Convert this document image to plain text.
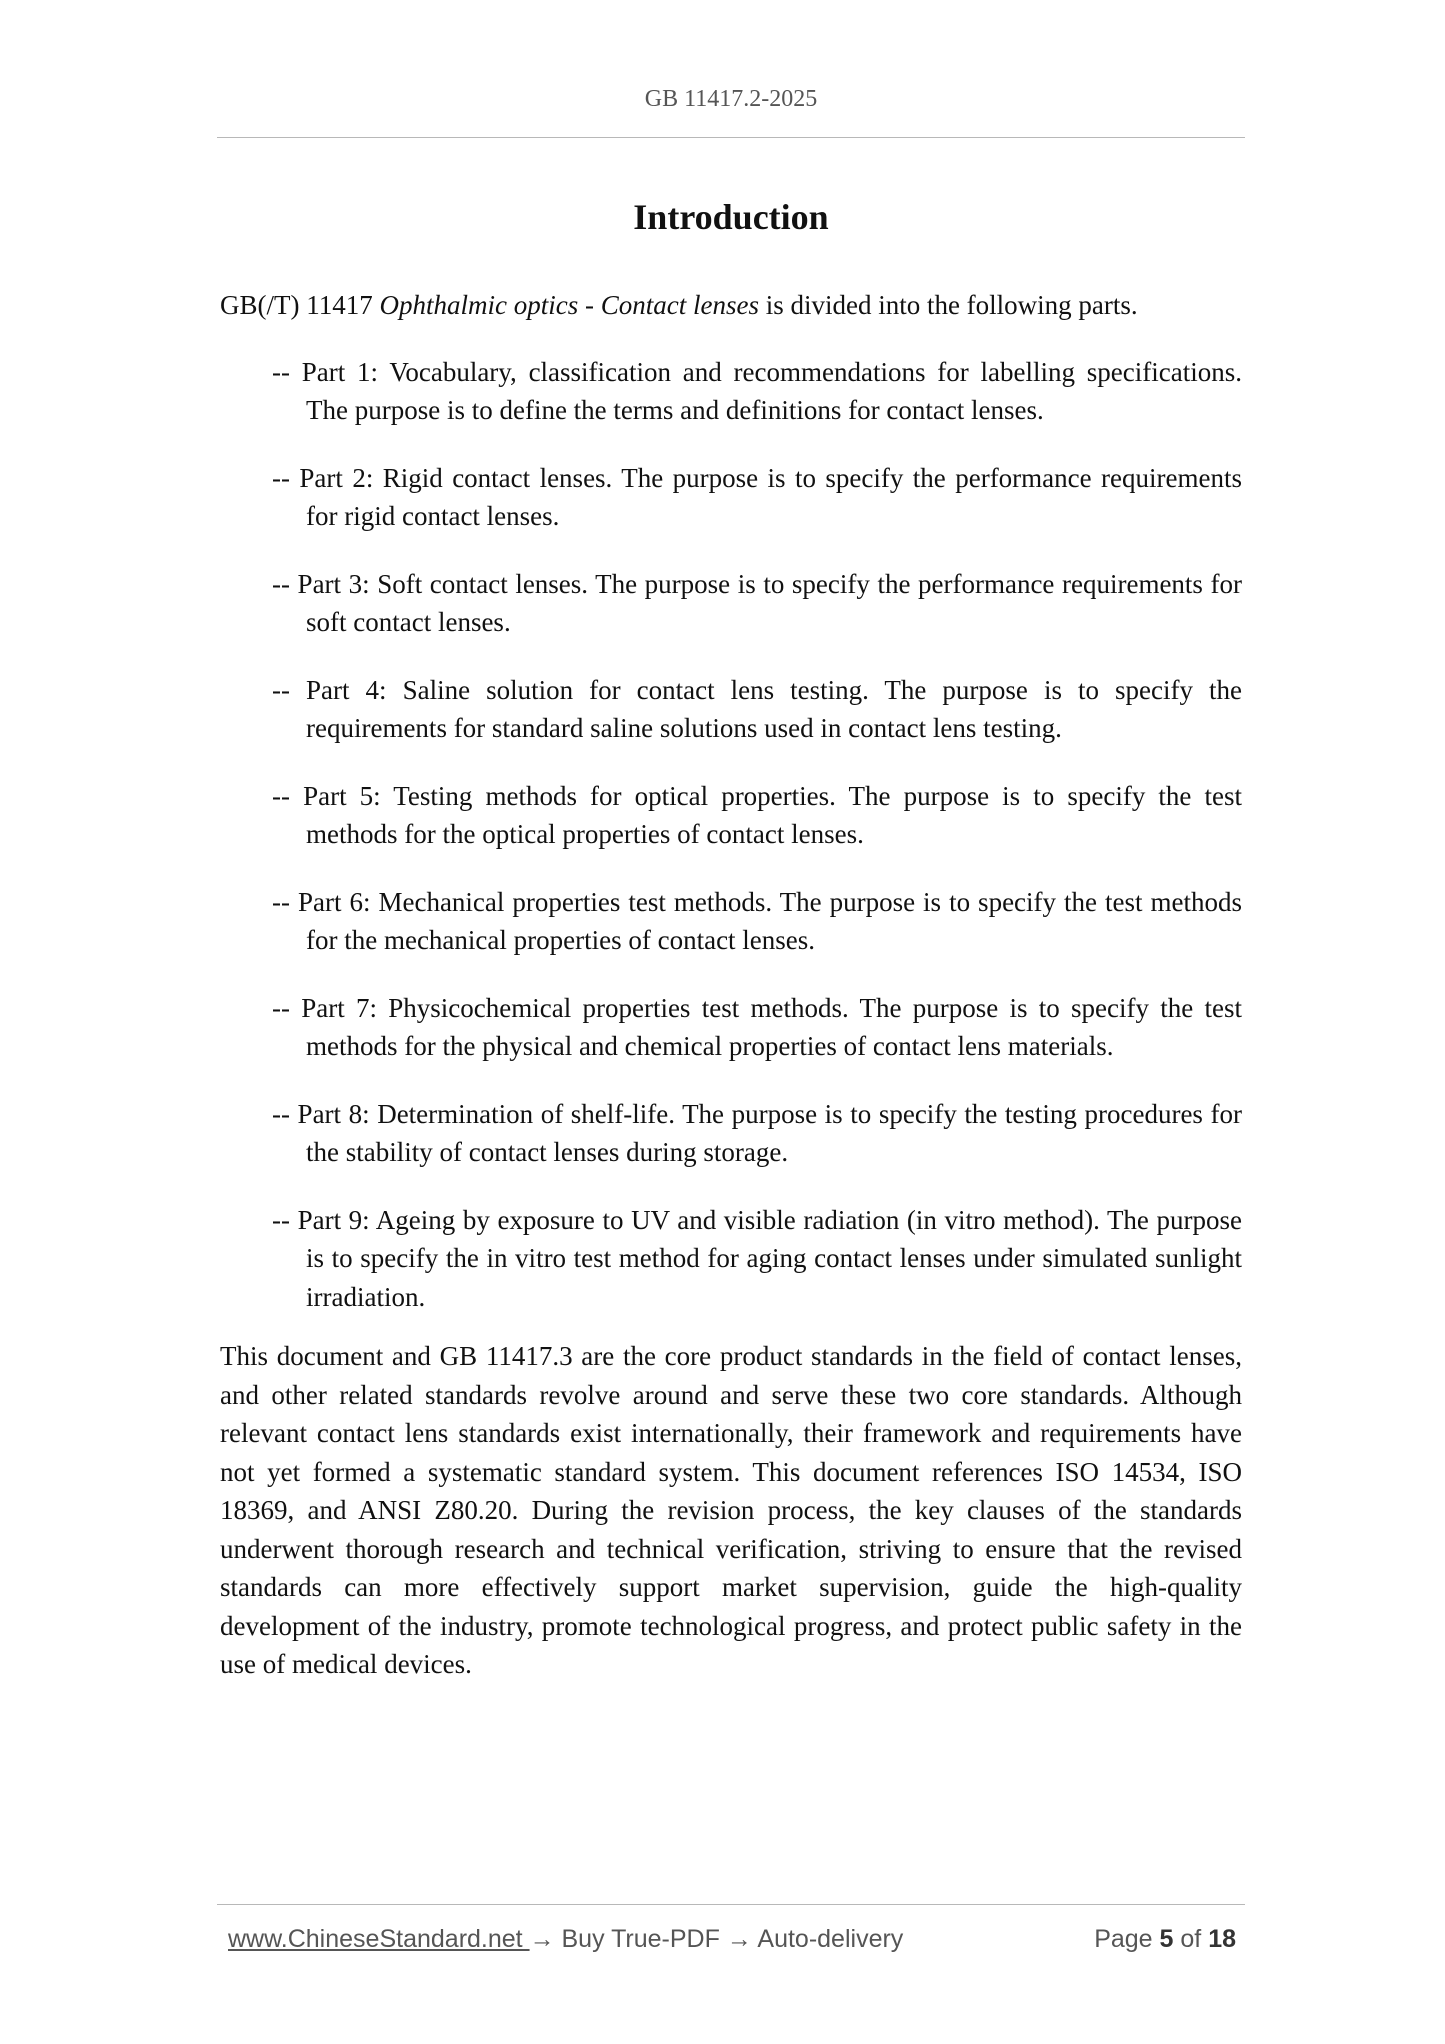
GB 11417.2-2025
Introduction

GB(/T) 11417 Ophthalmic optics - Contact lenses is divided into the following parts.

-- Part 1: Vocabulary, classification and recommendations for labelling specifications. The purpose is to define the terms and definitions for contact lenses.
-- Part 2: Rigid contact lenses. The purpose is to specify the performance requirements for rigid contact lenses.
-- Part 3: Soft contact lenses. The purpose is to specify the performance requirements for soft contact lenses.
-- Part 4: Saline solution for contact lens testing. The purpose is to specify the requirements for standard saline solutions used in contact lens testing.
-- Part 5: Testing methods for optical properties. The purpose is to specify the test methods for the optical properties of contact lenses.
-- Part 6: Mechanical properties test methods. The purpose is to specify the test methods for the mechanical properties of contact lenses.
-- Part 7: Physicochemical properties test methods. The purpose is to specify the test methods for the physical and chemical properties of contact lens materials.
-- Part 8: Determination of shelf-life. The purpose is to specify the testing procedures for the stability of contact lenses during storage.
-- Part 9: Ageing by exposure to UV and visible radiation (in vitro method). The purpose is to specify the in vitro test method for aging contact lenses under simulated sunlight irradiation.

This document and GB 11417.3 are the core product standards in the field of contact lenses, and other related standards revolve around and serve these two core standards. Although relevant contact lens standards exist internationally, their framework and requirements have not yet formed a systematic standard system. This document references ISO 14534, ISO 18369, and ANSI Z80.20. During the revision process, the key clauses of the standards underwent thorough research and technical verification, striving to ensure that the revised standards can more effectively support market supervision, guide the high-quality development of the industry, promote technological progress, and protect public safety in the use of medical devices.

www.ChineseStandard.net → Buy True-PDF → Auto-delivery	Page 5 of 18
